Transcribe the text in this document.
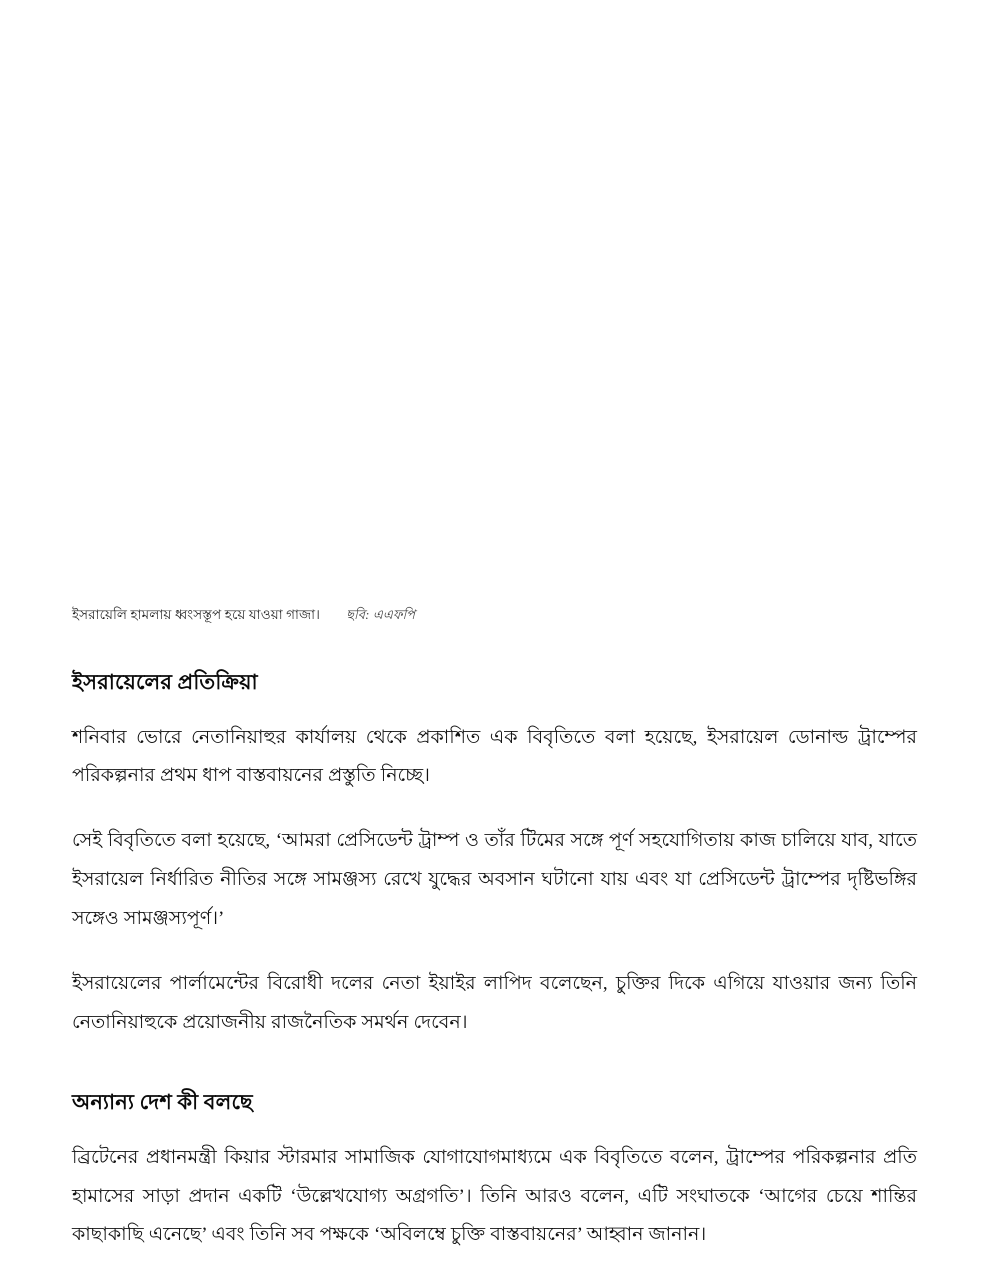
ইসরায়েলি হামলায় ধ্বংসস্তূপ হয়ে যাওয়া গাজা। ছবি: এএফপি
ইসরায়েলের প্রতিক্রিয়া

শনিবার ভোরে নেতানিয়াহুর কার্যালয় থেকে প্রকাশিত এক বিবৃতিতে বলা হয়েছে, ইসরায়েল ডোনাল্ড ট্রাম্পের পরিকল্পনার প্রথম ধাপ বাস্তবায়নের প্রস্তুতি নিচ্ছে।

সেই বিবৃতিতে বলা হয়েছে, ‘আমরা প্রেসিডেন্ট ট্রাম্প ও তাঁর টিমের সঙ্গে পূর্ণ সহযোগিতায় কাজ চালিয়ে যাব, যাতে ইসরায়েল নির্ধারিত নীতির সঙ্গে সামঞ্জস্য রেখে যুদ্ধের অবসান ঘটানো যায় এবং যা প্রেসিডেন্ট ট্রাম্পের দৃষ্টিভঙ্গির সঙ্গেও সামঞ্জস্যপূর্ণ।’

ইসরায়েলের পার্লামেন্টের বিরোধী দলের নেতা ইয়াইর লাপিদ বলেছেন, চুক্তির দিকে এগিয়ে যাওয়ার জন্য তিনি নেতানিয়াহুকে প্রয়োজনীয় রাজনৈতিক সমর্থন দেবেন।

অন্যান্য দেশ কী বলছে

ব্রিটেনের প্রধানমন্ত্রী কিয়ার স্টারমার সামাজিক যোগাযোগমাধ্যমে এক বিবৃতিতে বলেন, ট্রাম্পের পরিকল্পনার প্রতি হামাসের সাড়া প্রদান একটি ‘উল্লেখযোগ্য অগ্রগতি’। তিনি আরও বলেন, এটি সংঘাতকে ‘আগের চেয়ে শান্তির কাছাকাছি এনেছে’ এবং তিনি সব পক্ষকে ‘অবিলম্বে চুক্তি বাস্তবায়নের’ আহ্বান জানান।
